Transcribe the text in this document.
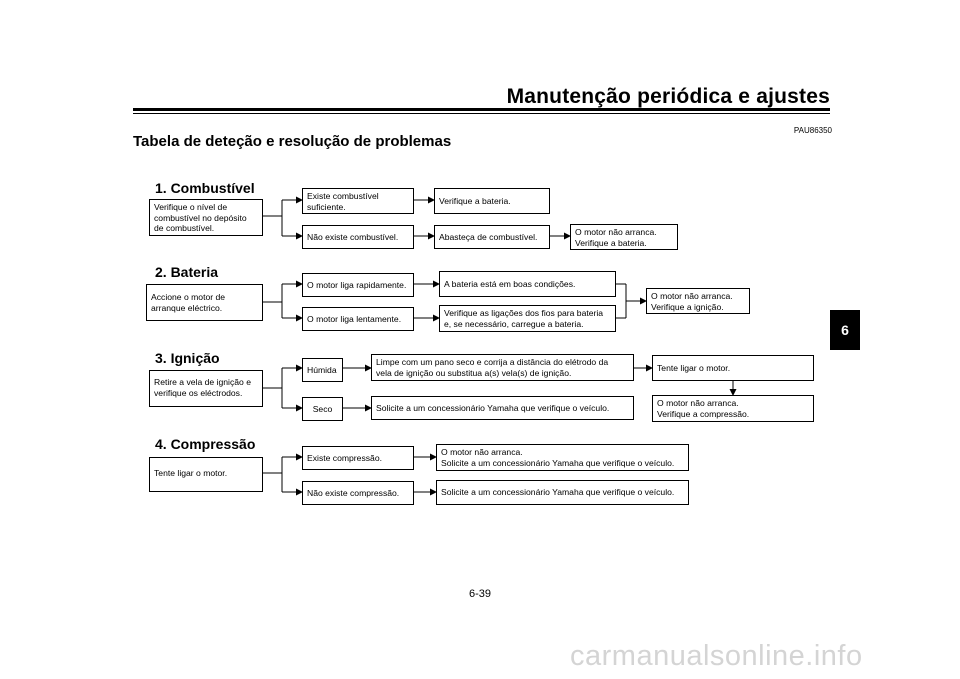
Manutenção periódica e ajustes
PAU86350
Tabela de deteção e resolução de problemas
6
1. Combustível
Verifique o nível de
combustível no depósito
de combustível.
Existe combustível
suficiente.
Verifique a bateria.
Não existe combustível.	Abasteça de combustível.	O motor não arranca.
Verifique a bateria.
2. Bateria
Accione o motor de
arranque eléctrico.
O motor liga rapidamente.	A bateria está em boas condições.
O motor liga lentamente.
Verifique as ligações dos fios para bateria
e, se necessário, carregue a bateria.
O motor não arranca.
Verifique a ignição.
3. Ignição
Retire a vela de ignição e
verifique os eléctrodos.
Húmida
Limpe com um pano seco e corrija a distância do elétrodo da
vela de ignição ou substitua a(s) vela(s) de ignição.	Tente ligar o motor.
Seco	Solicite a um concessionário Yamaha que verifique o veículo.	O motor não arranca.
Verifique a compressão.
4. Compressão
Tente ligar o motor.
Existe compressão.
O motor não arranca.
Solicite a um concessionário Yamaha que verifique o veículo.
Não existe compressão.	Solicite a um concessionário Yamaha que verifique o veículo.
6-39
carmanualsonline.info
